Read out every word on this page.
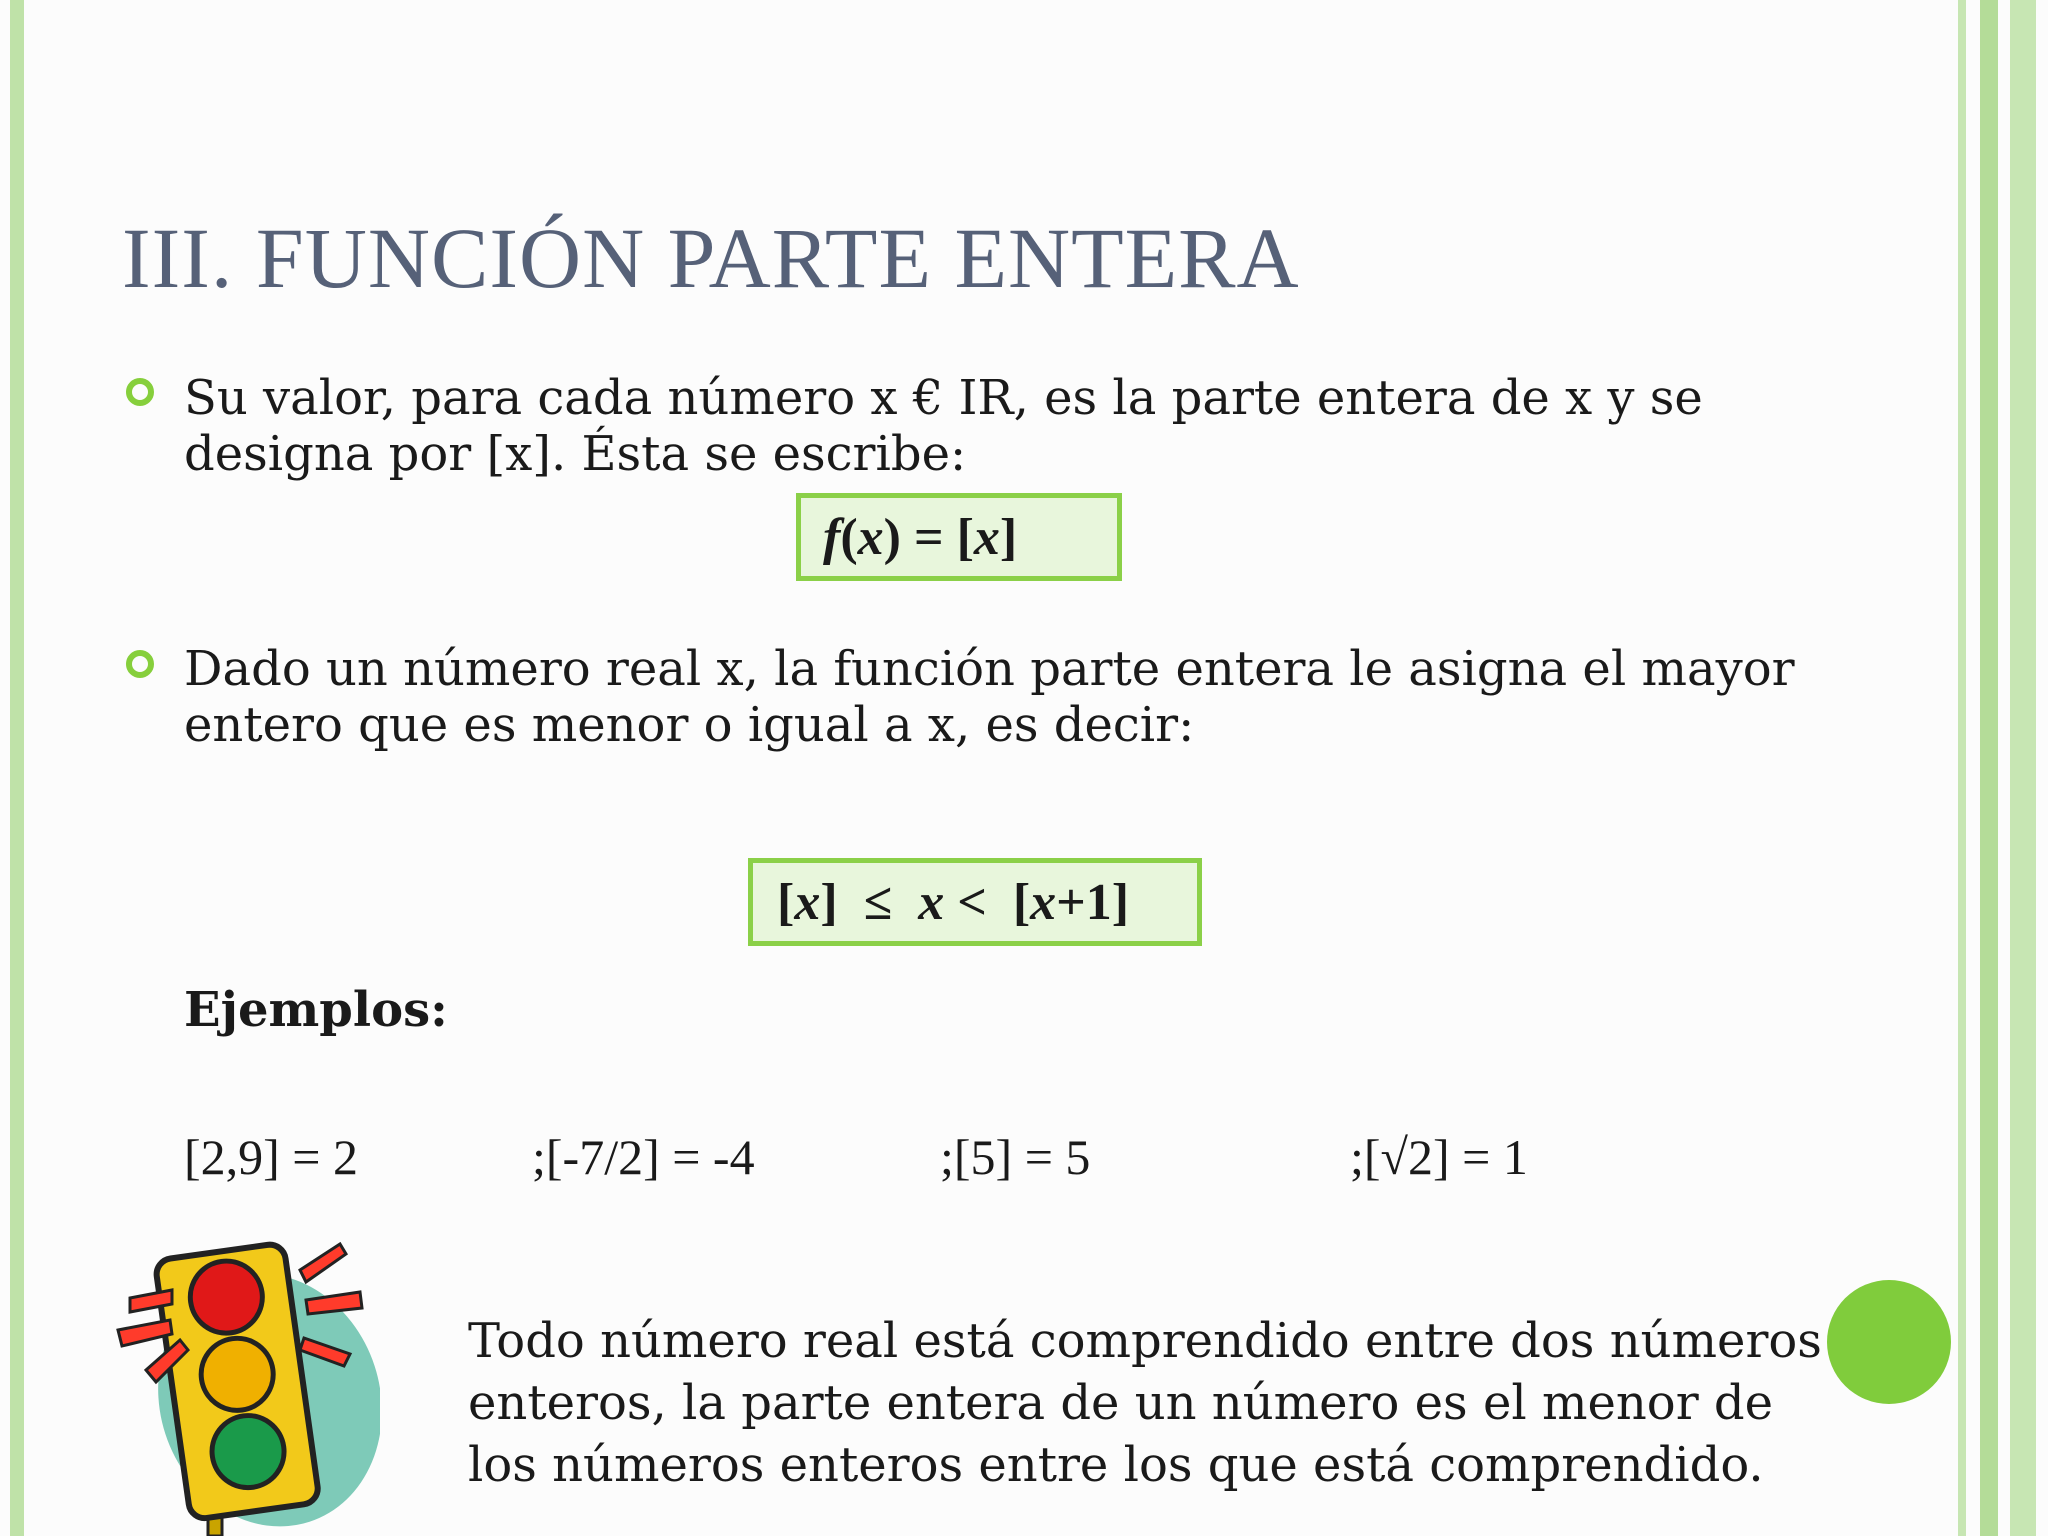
III. FUNCIÓN PARTE ENTERA
Su valor, para cada número x € IR, es la parte entera de x y se
designa por [x]. Ésta se escribe:
f ( x ) = [ x ]
Dado un número real x, la función parte entera le asigna el mayor
entero que es menor o igual a x, es decir:
[ x ]  ≤ x <  [ x +1]
Ejemplos:
[2,9] = 2	;[-7/2] = -4	;[5] = 5	;[√2] = 1
Todo número real está comprendido entre dos números
enteros, la parte entera de un número es el menor de
los números enteros entre los que está comprendido.
